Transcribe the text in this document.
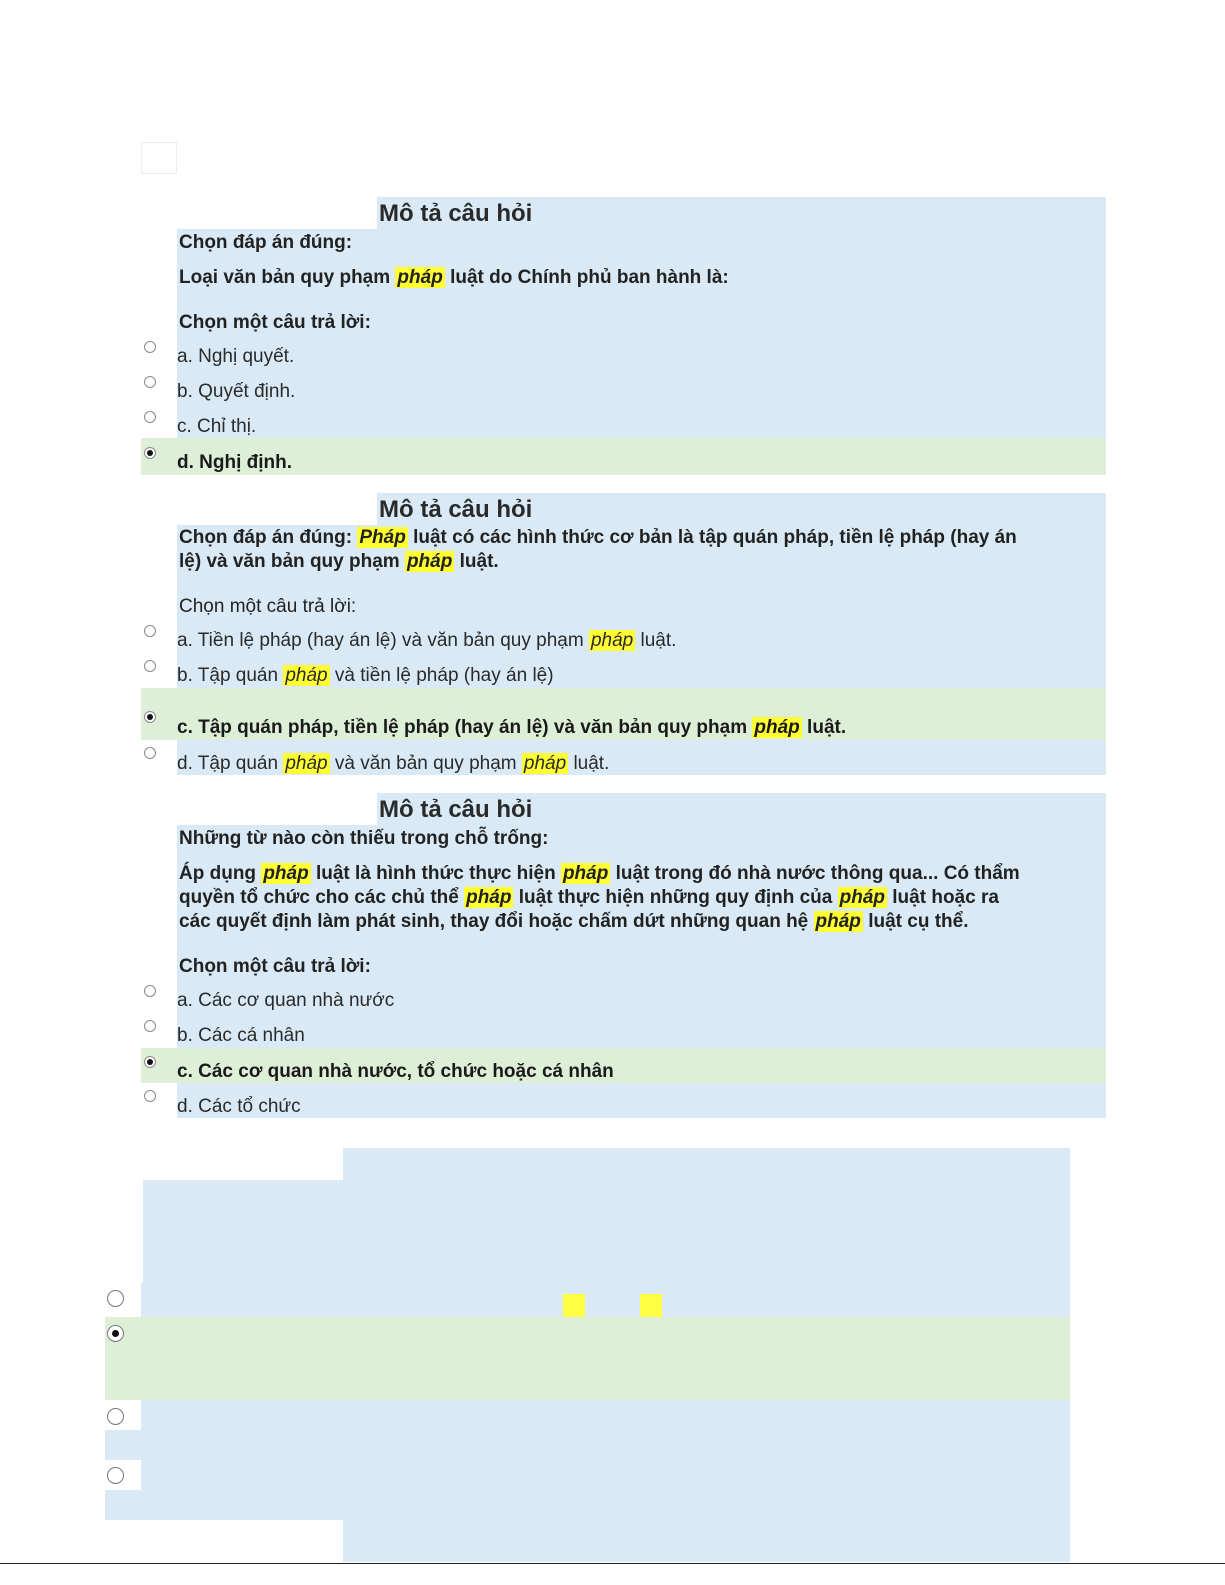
Mô tả câu hỏi
Chọn đáp án đúng:
Loại văn bản quy phạm pháp luật do Chính phủ ban hành là:
Chọn một câu trả lời:
a. Nghị quyết.
b. Quyết định.
c. Chỉ thị.
d. Nghị định.
Mô tả câu hỏi
Chọn đáp án đúng: Pháp luật có các hình thức cơ bản là tập quán pháp, tiền lệ pháp (hay án
lệ) và văn bản quy phạm pháp luật.
Chọn một câu trả lời:
a. Tiền lệ pháp (hay án lệ) và văn bản quy phạm pháp luật.
b. Tập quán pháp và tiền lệ pháp (hay án lệ)
c. Tập quán pháp, tiền lệ pháp (hay án lệ) và văn bản quy phạm pháp luật.
d. Tập quán pháp và văn bản quy phạm pháp luật.
Mô tả câu hỏi
Những từ nào còn thiếu trong chỗ trống:
Áp dụng pháp luật là hình thức thực hiện pháp luật trong đó nhà nước thông qua... Có thẩm
quyền tổ chức cho các chủ thể pháp luật thực hiện những quy định của pháp luật hoặc ra
các quyết định làm phát sinh, thay đổi hoặc chấm dứt những quan hệ pháp luật cụ thể.
Chọn một câu trả lời:
a. Các cơ quan nhà nước
b. Các cá nhân
c. Các cơ quan nhà nước, tổ chức hoặc cá nhân
d. Các tổ chức
